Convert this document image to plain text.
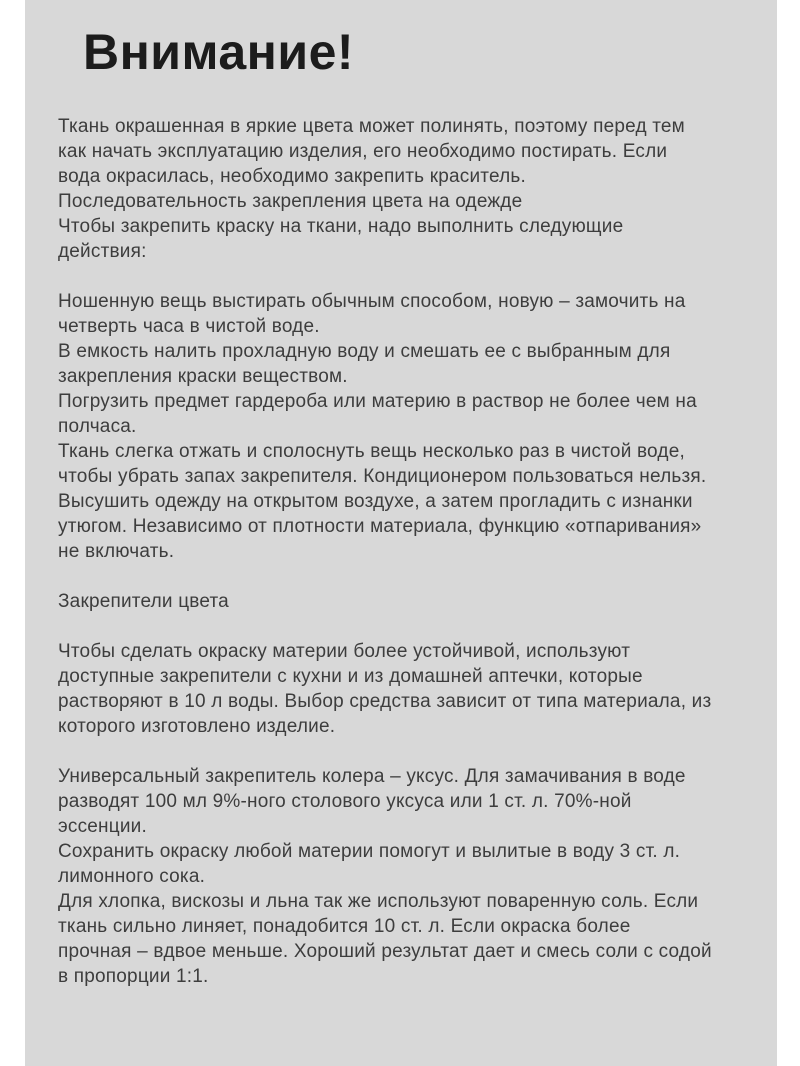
Внимание!

Ткань окрашенная в яркие цвета может полинять, поэтому перед тем
как начать эксплуатацию изделия, его необходимо постирать. Если
вода окрасилась, необходимо закрепить краситель.
Последовательность закрепления цвета на одежде
Чтобы закрепить краску на ткани, надо выполнить следующие
действия:

Ношенную вещь выстирать обычным способом, новую – замочить на
четверть часа в чистой воде.
В емкость налить прохладную воду и смешать ее с выбранным для
закрепления краски веществом.
Погрузить предмет гардероба или материю в раствор не более чем на
полчаса.
Ткань слегка отжать и сполоснуть вещь несколько раз в чистой воде,
чтобы убрать запах закрепителя. Кондиционером пользоваться нельзя.
Высушить одежду на открытом воздухе, а затем прогладить с изнанки
утюгом. Независимо от плотности материала, функцию «отпаривания»
не включать.

Закрепители цвета

Чтобы сделать окраску материи более устойчивой, используют
доступные закрепители с кухни и из домашней аптечки, которые
растворяют в 10 л воды. Выбор средства зависит от типа материала, из
которого изготовлено изделие.

Универсальный закрепитель колера – уксус. Для замачивания в воде
разводят 100 мл 9%-ного столового уксуса или 1 ст. л. 70%-ной
эссенции.
Сохранить окраску любой материи помогут и вылитые в воду 3 ст. л.
лимонного сока.
Для хлопка, вискозы и льна так же используют поваренную соль. Если
ткань сильно линяет, понадобится 10 ст. л. Если окраска более
прочная – вдвое меньше. Хороший результат дает и смесь соли с содой
в пропорции 1:1.
